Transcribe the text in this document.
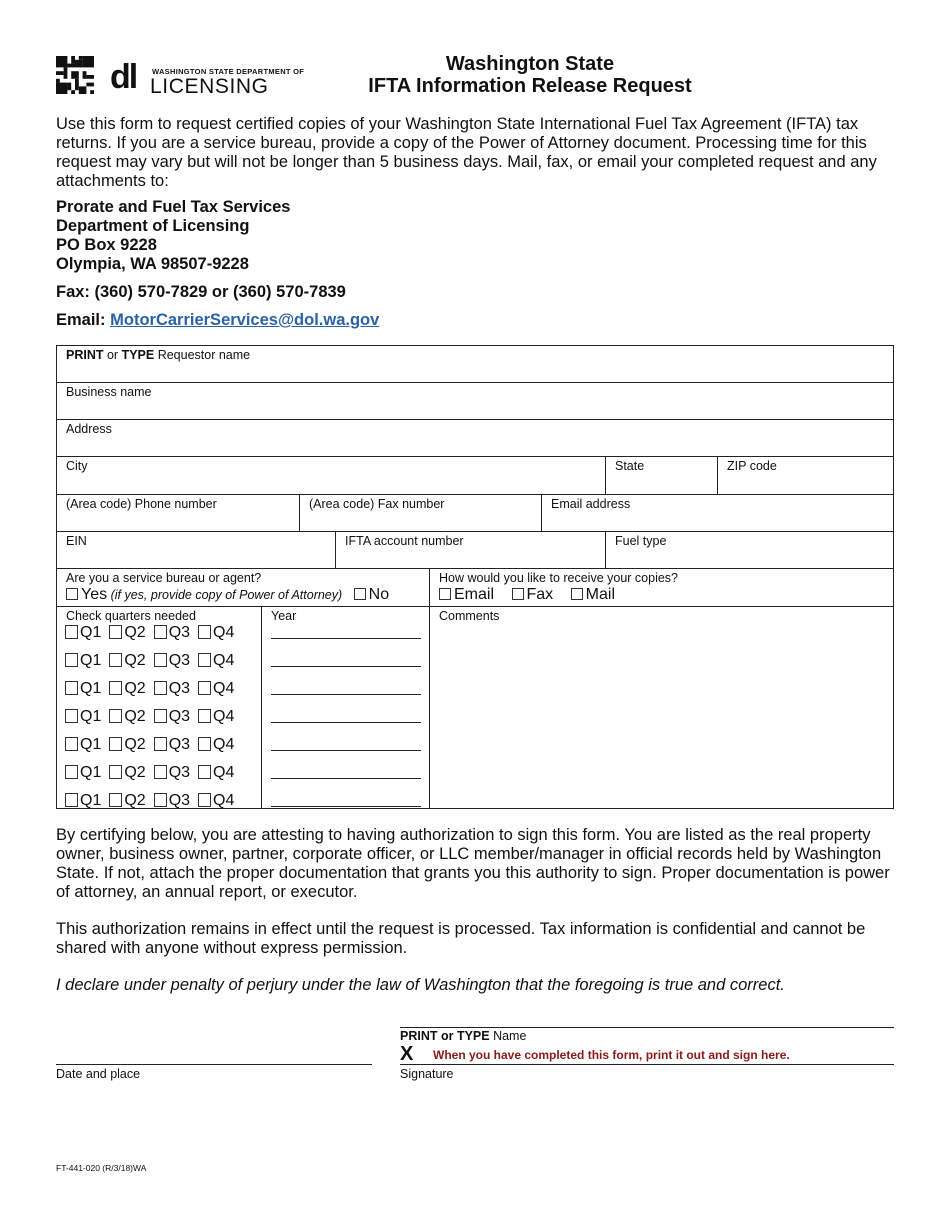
dl WASHINGTON STATE DEPARTMENT OF
LICENSING
Washington State
IFTA Information Release Request
Use this form to request certified copies of your Washington State International Fuel Tax Agreement (IFTA) tax returns. If you are a service bureau, provide a copy of the Power of Attorney document. Processing time for this request may vary but will not be longer than 5 business days. Mail, fax, or email your completed request and any attachments to:
Prorate and Fuel Tax Services
Department of Licensing
PO Box 9228
Olympia, WA 98507-9228
Fax: (360) 570-7829 or (360) 570-7839
Email: MotorCarrierServices@dol.wa.gov
PRINT or TYPE Requestor name
Business name
Address
City	State	ZIP code
(Area code) Phone number	(Area code) Fax number	Email address
EIN	IFTA account number	Fuel type
Are you a service bureau or agent?
Yes (if yes, provide copy of Power of Attorney) No
How would you like to receive your copies?
Email Fax Mail
Check quarters needed	Year
Q1 Q2 Q3 Q4
Q1 Q2 Q3 Q4
Q1 Q2 Q3 Q4
Q1 Q2 Q3 Q4
Q1 Q2 Q3 Q4
Q1 Q2 Q3 Q4
Q1 Q2 Q3 Q4
Comments
By certifying below, you are attesting to having authorization to sign this form. You are listed as the real property owner, business owner, partner, corporate officer, or LLC member/manager in official records held by Washington State. If not, attach the proper documentation that grants you this authority to sign. Proper documentation is power of attorney, an annual report, or executor.
This authorization remains in effect until the request is processed. Tax information is confidential and cannot be shared with anyone without express permission.
I declare under penalty of perjury under the law of Washington that the foregoing is true and correct.
PRINT or TYPE Name
X When you have completed this form, print it out and sign here.
Signature
Date and place
FT-441-020 (R/3/18)WA
